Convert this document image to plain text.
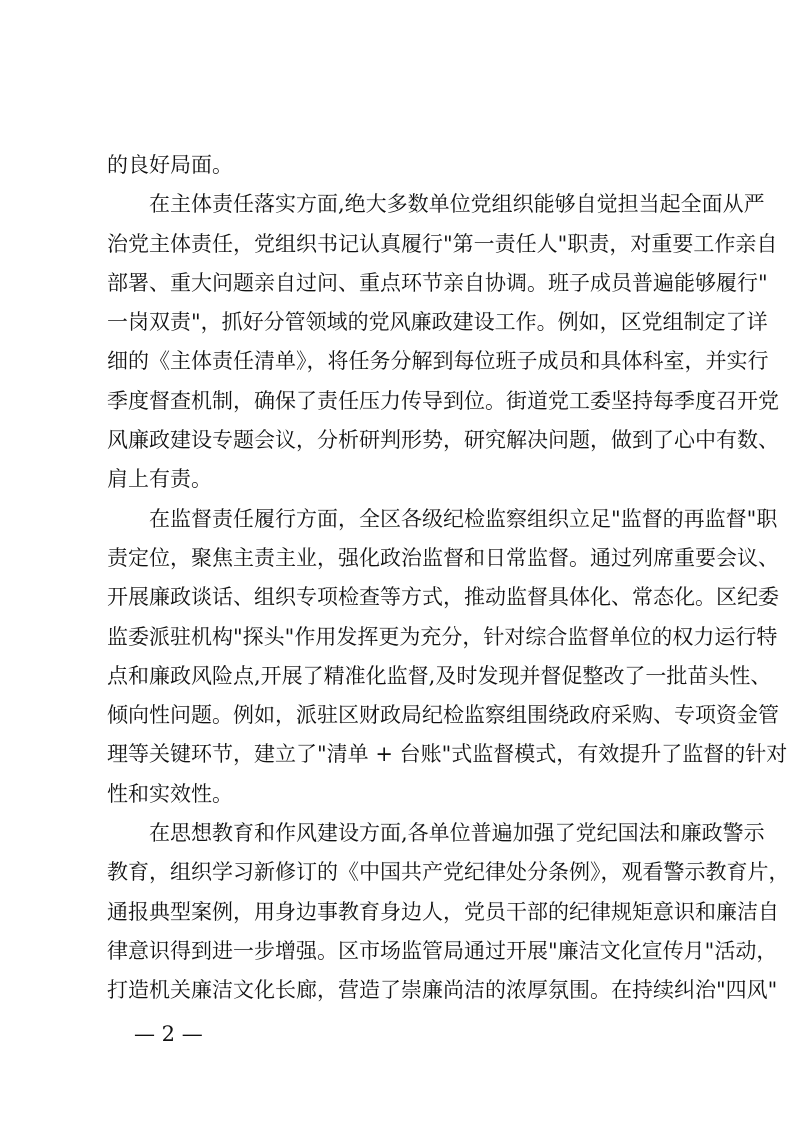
的良好局面。
在主体责任落实方面,绝大多数单位党组织能够自觉担当起全面从严
治党主体责任，党组织书记认真履行"第一责任人"职责，对重要工作亲自
部署、重大问题亲自过问、重点环节亲自协调。班子成员普遍能够履行"
一岗双责"，抓好分管领域的党风廉政建设工作。例如，区党组制定了详
细的《主体责任清单》，将任务分解到每位班子成员和具体科室，并实行
季度督查机制，确保了责任压力传导到位。街道党工委坚持每季度召开党
风廉政建设专题会议，分析研判形势，研究解决问题，做到了心中有数、
肩上有责。
在监督责任履行方面，全区各级纪检监察组织立足"监督的再监督"职
责定位，聚焦主责主业，强化政治监督和日常监督。通过列席重要会议、
开展廉政谈话、组织专项检查等方式，推动监督具体化、常态化。区纪委
监委派驻机构"探头"作用发挥更为充分，针对综合监督单位的权力运行特
点和廉政风险点,开展了精准化监督,及时发现并督促整改了一批苗头性、
倾向性问题。例如，派驻区财政局纪检监察组围绕政府采购、专项资金管
理等关键环节，建立了"清单 + 台账"式监督模式，有效提升了监督的针对
性和实效性。
在思想教育和作风建设方面,各单位普遍加强了党纪国法和廉政警示
教育，组织学习新修订的《中国共产党纪律处分条例》，观看警示教育片，
通报典型案例，用身边事教育身边人，党员干部的纪律规矩意识和廉洁自
律意识得到进一步增强。区市场监管局通过开展"廉洁文化宣传月"活动，
打造机关廉洁文化长廊，营造了崇廉尚洁的浓厚氛围。在持续纠治"四风"
— 2 —
